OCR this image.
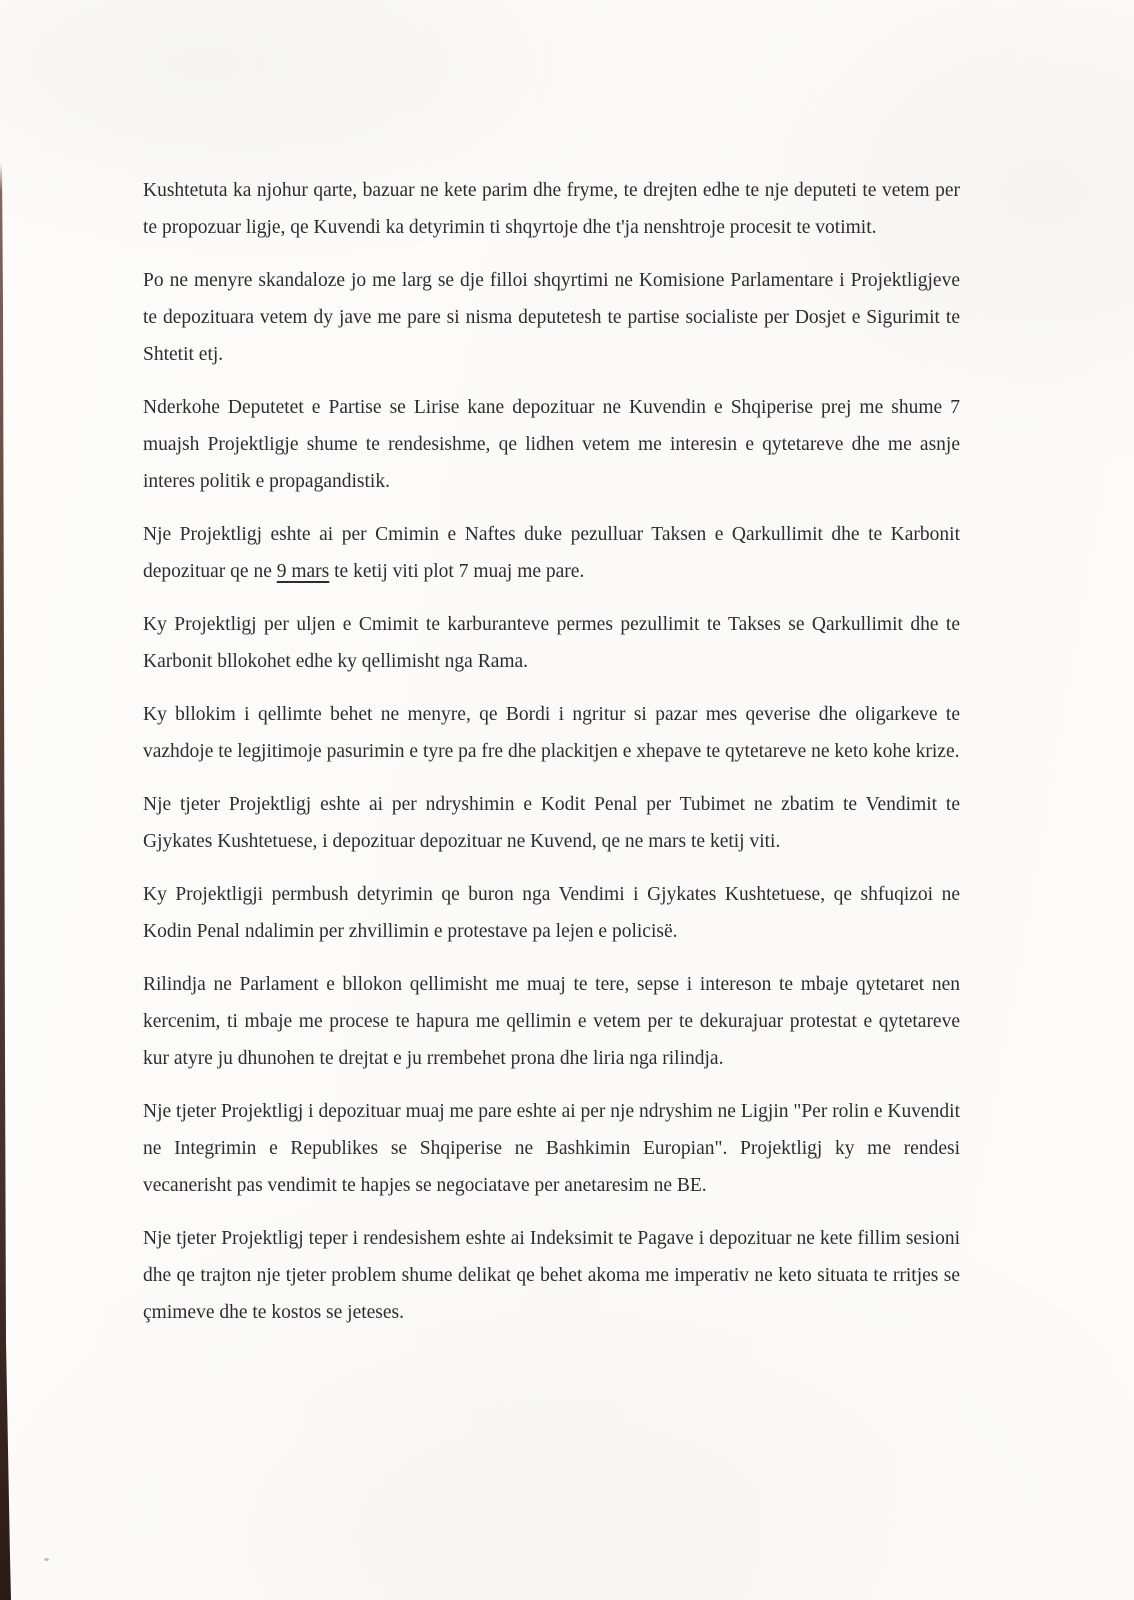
Kushtetuta ka njohur qarte, bazuar ne kete parim dhe fryme, te drejten edhe te nje deputeti te vetem per te propozuar ligje, qe Kuvendi ka detyrimin ti shqyrtoje dhe t'ja nenshtroje procesit te votimit.

Po ne menyre skandaloze jo me larg se dje filloi shqyrtimi ne Komisione Parlamentare i Projektligjeve te depozituara vetem dy jave me pare si nisma deputetesh te partise socialiste per Dosjet e Sigurimit te Shtetit etj.

Nderkohe Deputetet e Partise se Lirise kane depozituar ne Kuvendin e Shqiperise prej me shume 7 muajsh Projektligje shume te rendesishme, qe lidhen vetem me interesin e qytetareve dhe me asnje interes politik e propagandistik.

Nje Projektligj eshte ai per Cmimin e Naftes duke pezulluar Taksen e Qarkullimit dhe te Karbonit depozituar qe ne 9 mars te ketij viti plot 7 muaj me pare.

Ky Projektligj per uljen e Cmimit te karburanteve permes pezullimit te Takses se Qarkullimit dhe te Karbonit bllokohet edhe ky qellimisht nga Rama.

Ky bllokim i qellimte behet ne menyre, qe Bordi i ngritur si pazar mes qeverise dhe oligarkeve te vazhdoje te legjitimoje pasurimin e tyre pa fre dhe plackitjen e xhepave te qytetareve ne keto kohe krize.

Nje tjeter Projektligj eshte ai per ndryshimin e Kodit Penal per Tubimet ne zbatim te Vendimit te Gjykates Kushtetuese, i depozituar depozituar ne Kuvend, qe ne mars te ketij viti.

Ky Projektligji permbush detyrimin qe buron nga Vendimi i Gjykates Kushtetuese, qe shfuqizoi ne Kodin Penal ndalimin per zhvillimin e protestave pa lejen e policisë.

Rilindja ne Parlament e bllokon qellimisht me muaj te tere, sepse i intereson te mbaje qytetaret nen kercenim, ti mbaje me procese te hapura me qellimin e vetem per te dekurajuar protestat e qytetareve kur atyre ju dhunohen te drejtat e ju rrembehet prona dhe liria nga rilindja.

Nje tjeter Projektligj i depozituar muaj me pare eshte ai per nje ndryshim ne Ligjin "Per rolin e Kuvendit ne Integrimin e Republikes se Shqiperise ne Bashkimin Europian". Projektligj ky me rendesi vecanerisht pas vendimit te hapjes se negociatave per anetaresim ne BE.

Nje tjeter Projektligj teper i rendesishem eshte ai Indeksimit te Pagave i depozituar ne kete fillim sesioni dhe qe trajton nje tjeter problem shume delikat qe behet akoma me imperativ ne keto situata te rritjes se çmimeve dhe te kostos se jeteses.
